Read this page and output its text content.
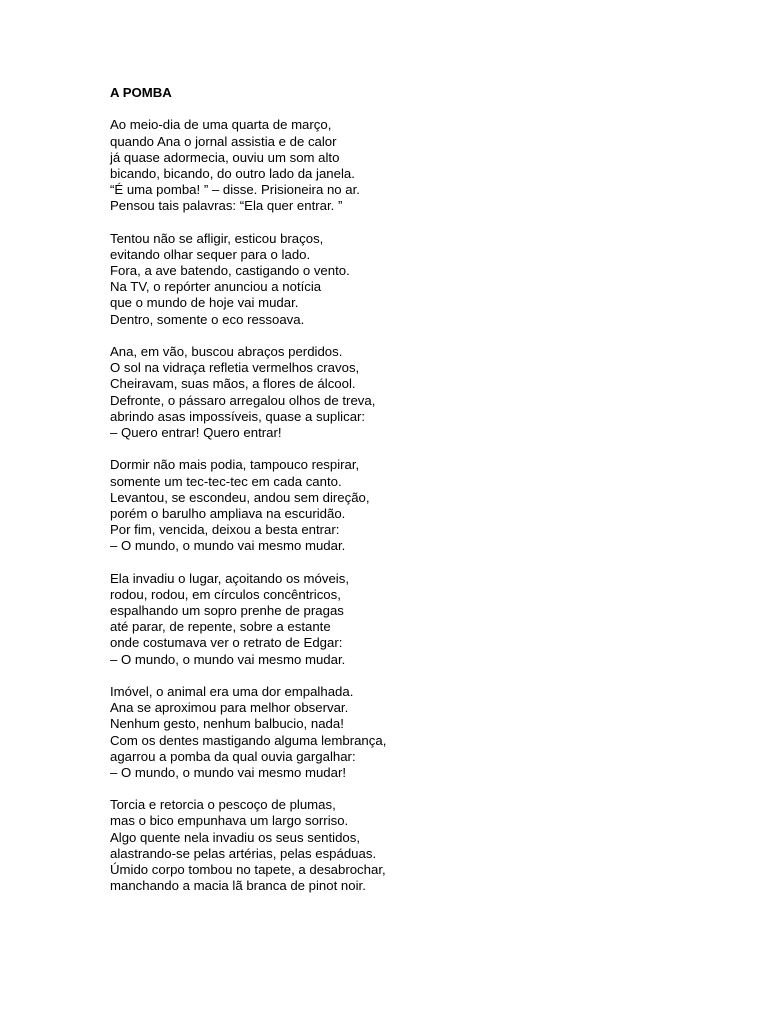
A POMBA
Ao meio-dia de uma quarta de março,
quando Ana o jornal assistia e de calor
já quase adormecia, ouviu um som alto
bicando, bicando, do outro lado da janela.
“É uma pomba! ” – disse. Prisioneira no ar.
Pensou tais palavras: “Ela quer entrar. ”
Tentou não se afligir, esticou braços,
evitando olhar sequer para o lado.
Fora, a ave batendo, castigando o vento.
Na TV, o repórter anunciou a notícia
que o mundo de hoje vai mudar.
Dentro, somente o eco ressoava.
Ana, em vão, buscou abraços perdidos.
O sol na vidraça refletia vermelhos cravos,
Cheiravam, suas mãos, a flores de álcool.
Defronte, o pássaro arregalou olhos de treva,
abrindo asas impossíveis, quase a suplicar:
– Quero entrar! Quero entrar!
Dormir não mais podia, tampouco respirar,
somente um tec-tec-tec em cada canto.
Levantou, se escondeu, andou sem direção,
porém o barulho ampliava na escuridão.
Por fim, vencida, deixou a besta entrar:
– O mundo, o mundo vai mesmo mudar.
Ela invadiu o lugar, açoitando os móveis,
rodou, rodou, em círculos concêntricos,
espalhando um sopro prenhe de pragas
até parar, de repente, sobre a estante
onde costumava ver o retrato de Edgar:
– O mundo, o mundo vai mesmo mudar.
Imóvel, o animal era uma dor empalhada.
Ana se aproximou para melhor observar.
Nenhum gesto, nenhum balbucio, nada!
Com os dentes mastigando alguma lembrança,
agarrou a pomba da qual ouvia gargalhar:
– O mundo, o mundo vai mesmo mudar!
Torcia e retorcia o pescoço de plumas,
mas o bico empunhava um largo sorriso.
Algo quente nela invadiu os seus sentidos,
alastrando-se pelas artérias, pelas espáduas.
Úmido corpo tombou no tapete, a desabrochar,
manchando a macia lã branca de pinot noir.
